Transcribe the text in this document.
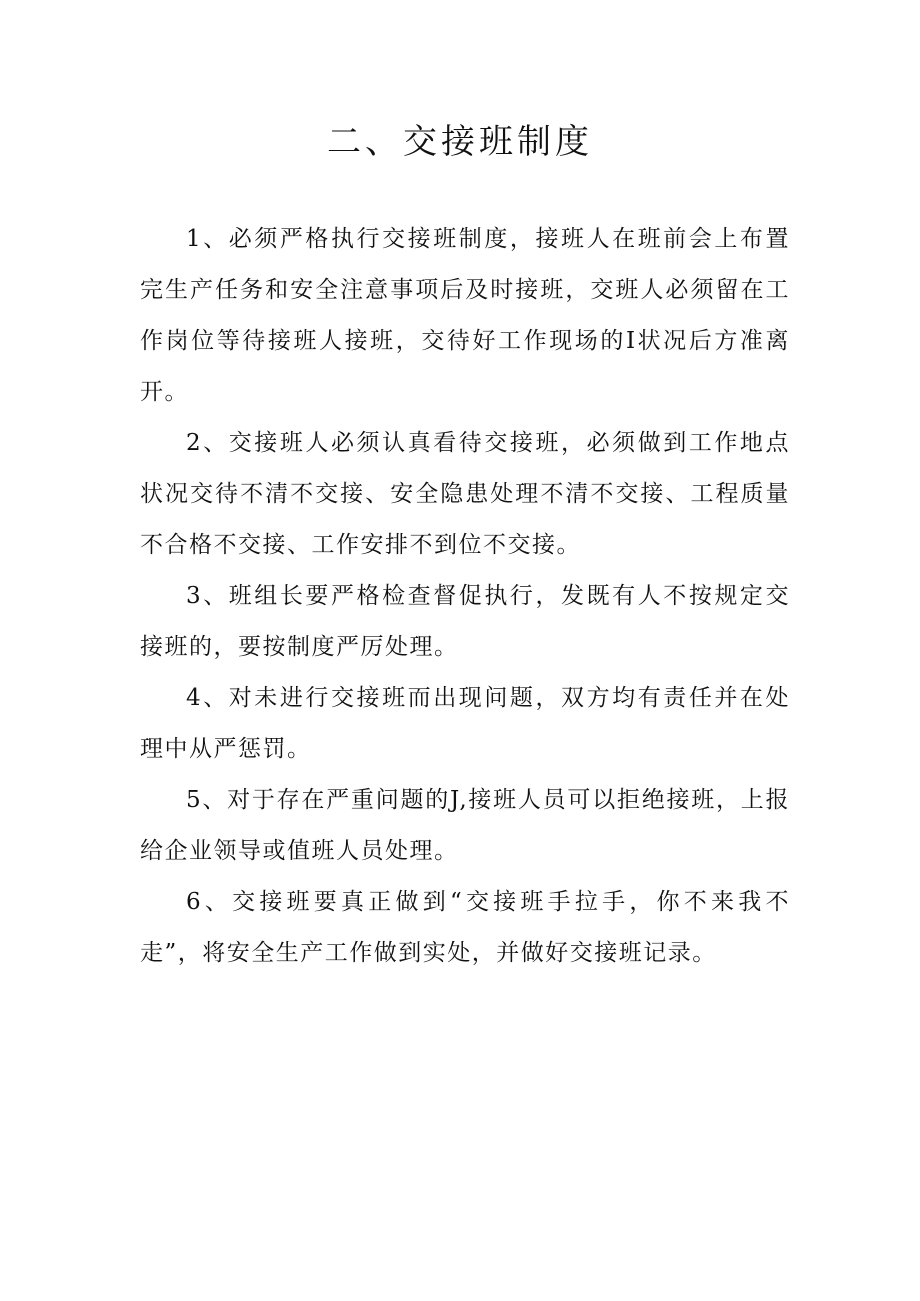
二、交接班制度

1、必须严格执行交接班制度，接班人在班前会上布置完生产任务和安全注意事项后及时接班，交班人必须留在工作岗位等待接班人接班，交待好工作现场的I状况后方准离开。

2、交接班人必须认真看待交接班，必须做到工作地点状况交待不清不交接、安全隐患处理不清不交接、工程质量不合格不交接、工作安排不到位不交接。

3、班组长要严格检查督促执行，发既有人不按规定交接班的，要按制度严厉处理。

4、对未进行交接班而出现问题，双方均有责任并在处理中从严惩罚。

5、对于存在严重问题的J,接班人员可以拒绝接班，上报给企业领导或值班人员处理。

6、交接班要真正做到“交接班手拉手，你不来我不走”，将安全生产工作做到实处，并做好交接班记录。
